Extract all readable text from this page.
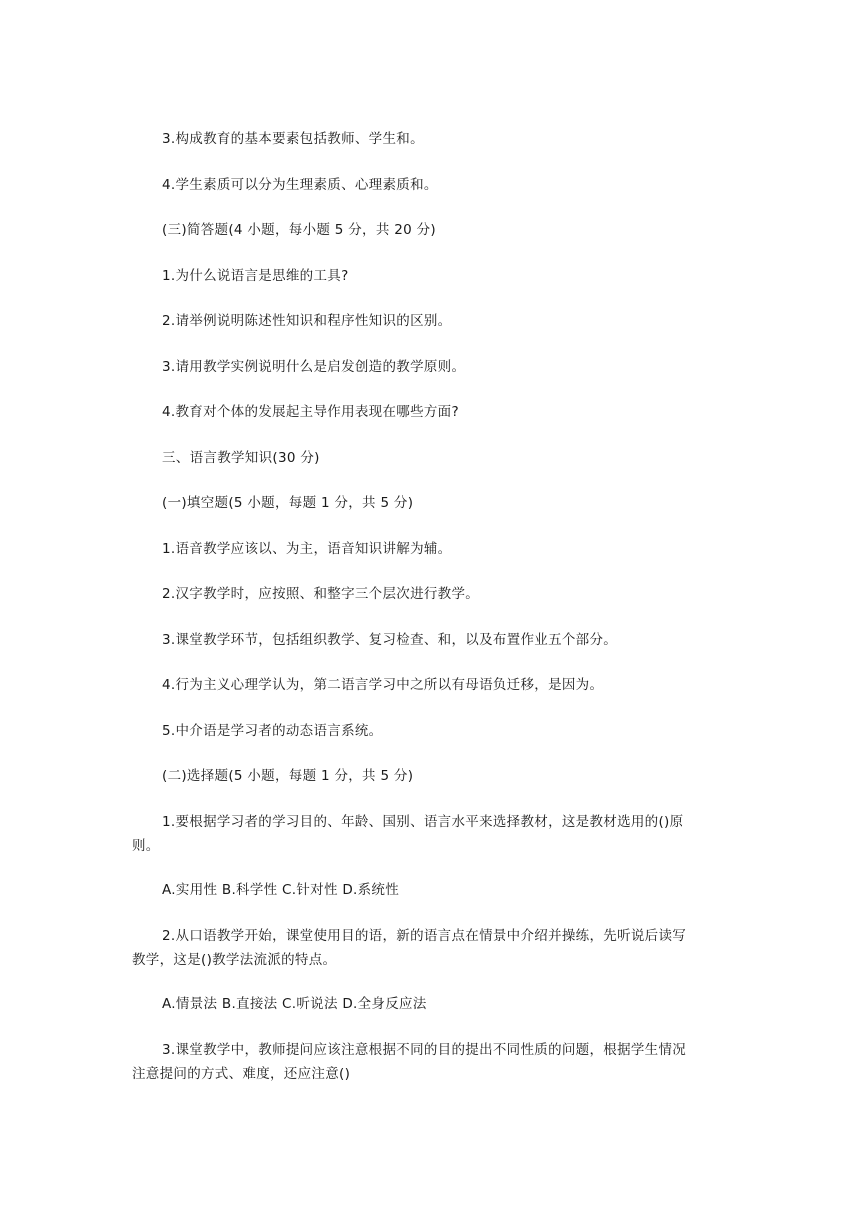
3.构成教育的基本要素包括教师、学生和。

4.学生素质可以分为生理素质、心理素质和。

(三)简答题(4 小题，每小题 5 分，共 20 分)

1.为什么说语言是思维的工具?

2.请举例说明陈述性知识和程序性知识的区别。

3.请用教学实例说明什么是启发创造的教学原则。

4.教育对个体的发展起主导作用表现在哪些方面?

三、语言教学知识(30 分)

(一)填空题(5 小题，每题 1 分，共 5 分)

1.语音教学应该以、为主，语音知识讲解为辅。

2.汉字教学时，应按照、和整字三个层次进行教学。

3.课堂教学环节，包括组织教学、复习检查、和，以及布置作业五个部分。

4.行为主义心理学认为，第二语言学习中之所以有母语负迁移，是因为。

5.中介语是学习者的动态语言系统。

(二)选择题(5 小题，每题 1 分，共 5 分)

1.要根据学习者的学习目的、年龄、国别、语言水平来选择教材，这是教材选用的()原

则。

A.实用性 B.科学性 C.针对性 D.系统性

2.从口语教学开始，课堂使用目的语，新的语言点在情景中介绍并操练，先听说后读写

教学，这是()教学法流派的特点。

A.情景法 B.直接法 C.听说法 D.全身反应法

3.课堂教学中，教师提问应该注意根据不同的目的提出不同性质的问题，根据学生情况

注意提问的方式、难度，还应注意()
